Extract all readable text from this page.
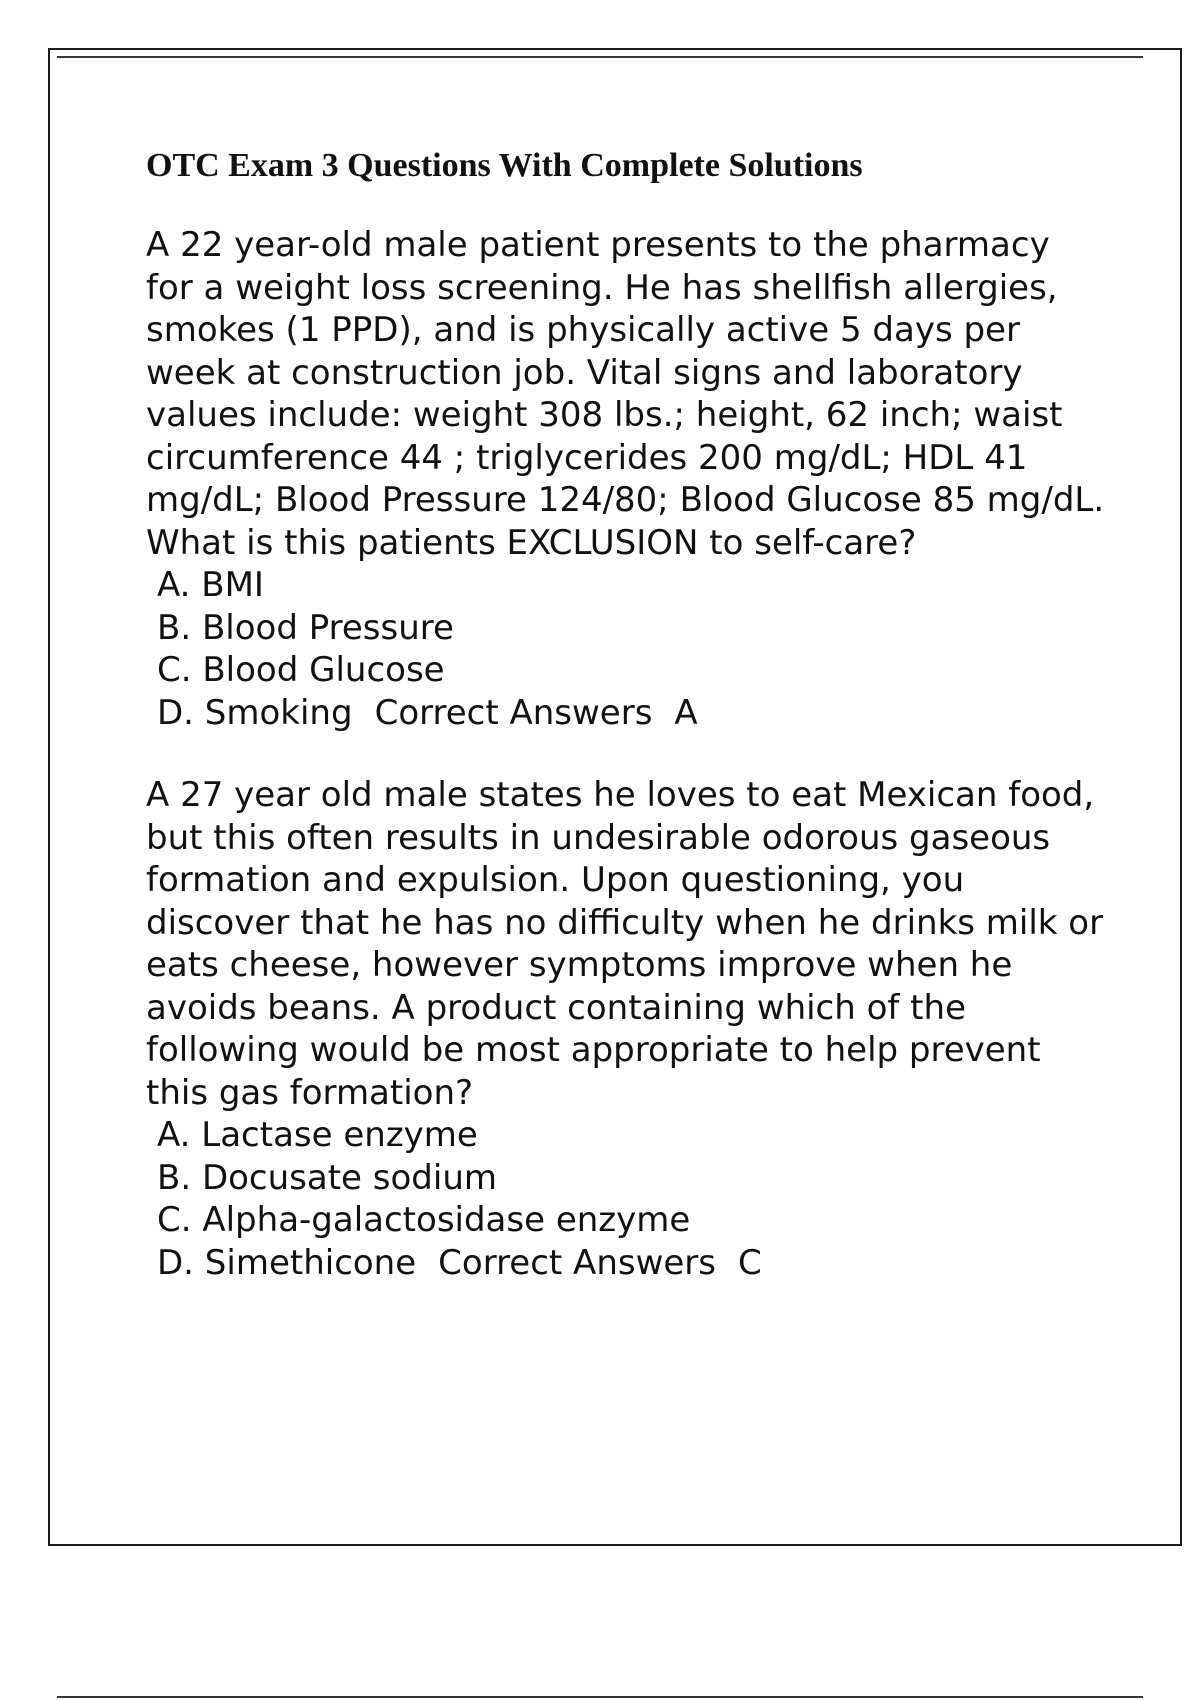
OTC Exam 3 Questions With Complete Solutions

A 22 year-old male patient presents to the pharmacy for a weight loss screening. He has shellfish allergies, smokes (1 PPD), and is physically active 5 days per week at construction job. Vital signs and laboratory values include: weight 308 lbs.; height, 62 inch; waist circumference 44 ; triglycerides 200 mg/dL; HDL 41 mg/dL; Blood Pressure 124/80; Blood Glucose 85 mg/dL. What is this patients EXCLUSION to self-care?

A. BMI
B. Blood Pressure
C. Blood Glucose
D. Smoking Correct Answers A

A 27 year old male states he loves to eat Mexican food, but this often results in undesirable odorous gaseous formation and expulsion. Upon questioning, you discover that he has no difficulty when he drinks milk or eats cheese, however symptoms improve when he avoids beans. A product containing which of the following would be most appropriate to help prevent this gas formation?

A. Lactase enzyme
B. Docusate sodium
C. Alpha-galactosidase enzyme
D. Simethicone Correct Answers C
